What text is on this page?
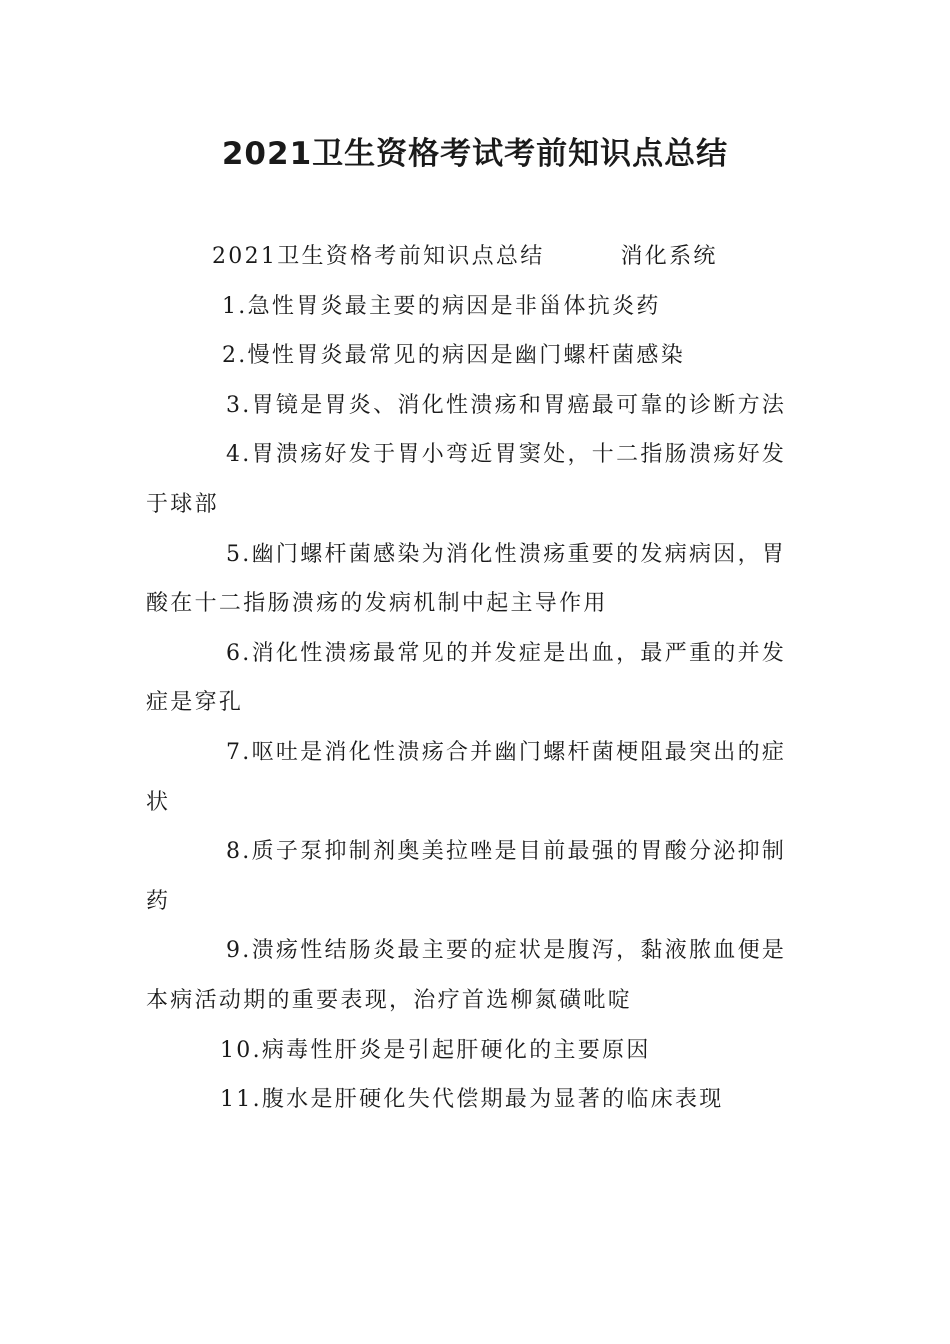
2021卫生资格考试考前知识点总结

2021卫生资格考前知识点总结	消化系统

1.急性胃炎最主要的病因是非甾体抗炎药

2.慢性胃炎最常见的病因是幽门螺杆菌感染

3.胃镜是胃炎、消化性溃疡和胃癌最可靠的诊断方法

4.胃溃疡好发于胃小弯近胃窦处，十二指肠溃疡好发于球部

5.幽门螺杆菌感染为消化性溃疡重要的发病病因，胃酸在十二指肠溃疡的发病机制中起主导作用

6.消化性溃疡最常见的并发症是出血，最严重的并发症是穿孔

7.呕吐是消化性溃疡合并幽门螺杆菌梗阻最突出的症状

8.质子泵抑制剂奥美拉唑是目前最强的胃酸分泌抑制药

9.溃疡性结肠炎最主要的症状是腹泻，黏液脓血便是本病活动期的重要表现，治疗首选柳氮磺吡啶

10.病毒性肝炎是引起肝硬化的主要原因

11.腹水是肝硬化失代偿期最为显著的临床表现
